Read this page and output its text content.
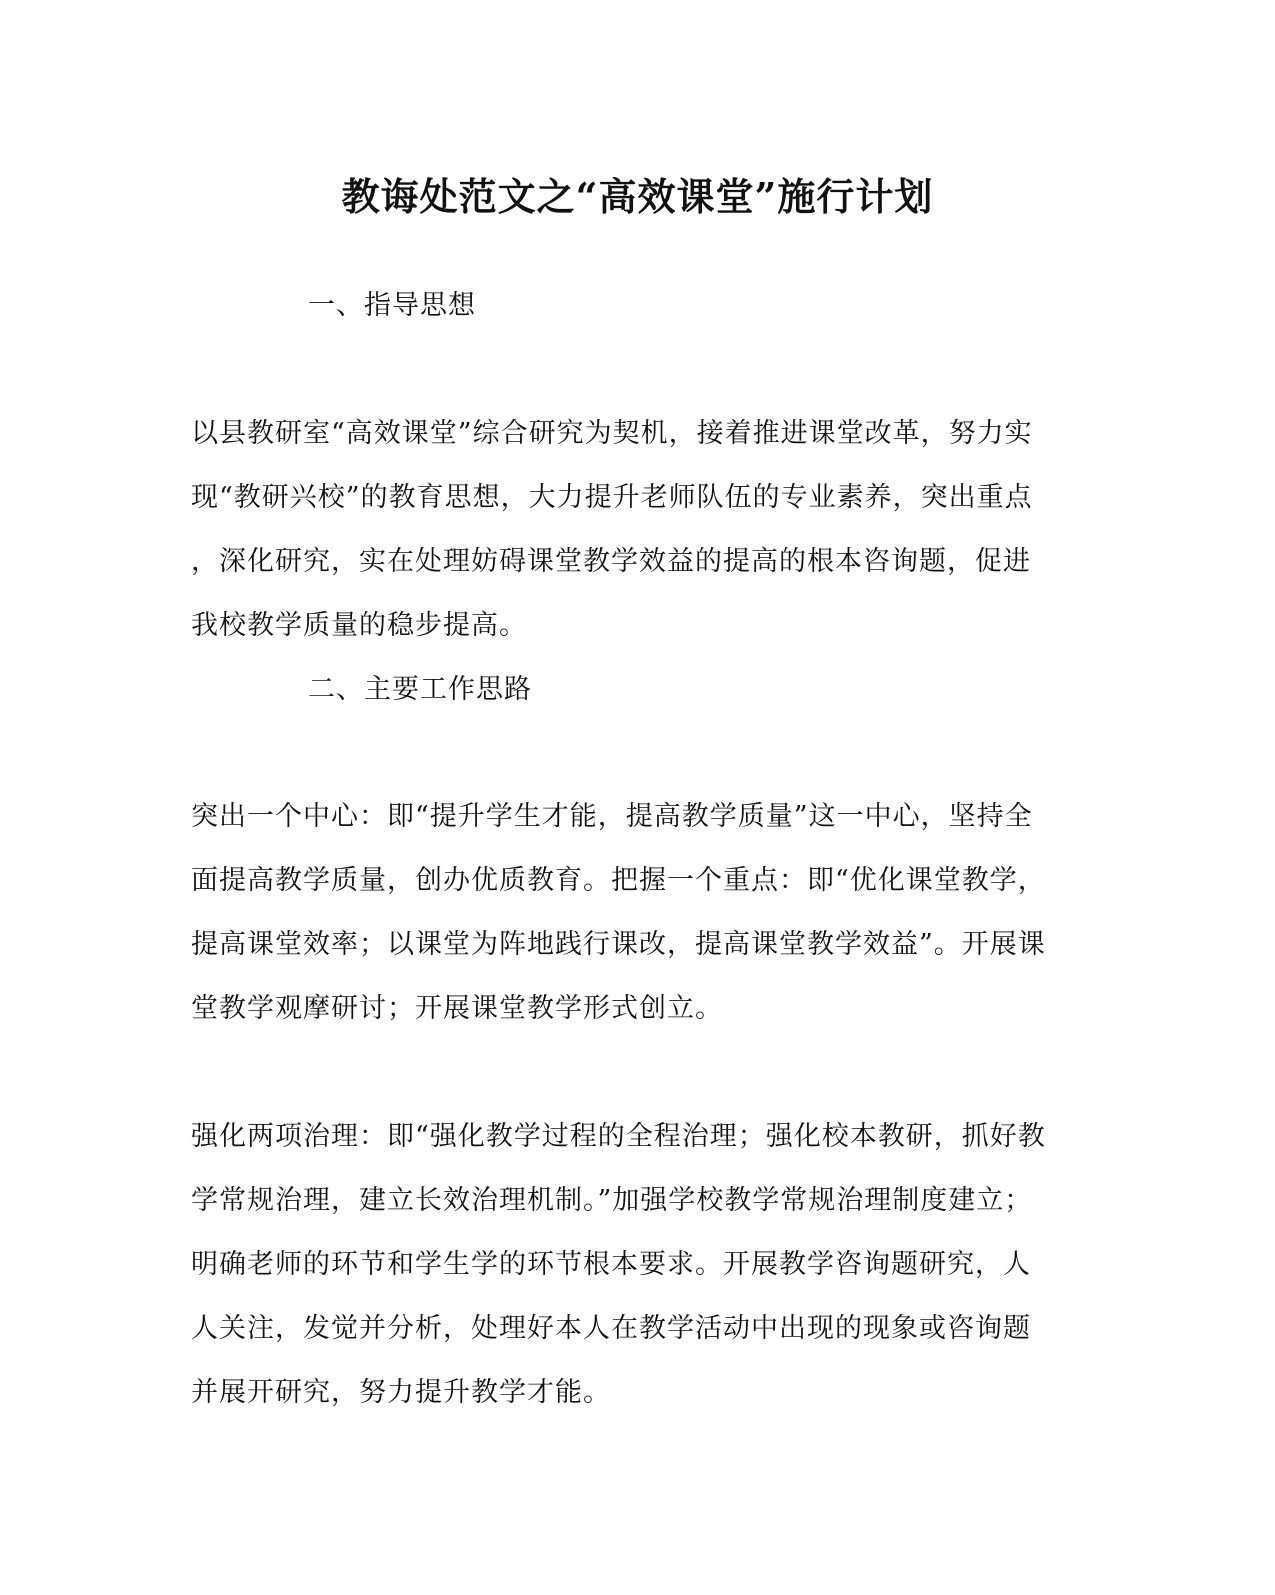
教诲处范文之“高效课堂”施行计划
一、指导思想
以县教研室“高效课堂”综合研究为契机，接着推进课堂改革，努力实
现“教研兴校”的教育思想，大力提升老师队伍的专业素养，突出重点
，深化研究，实在处理妨碍课堂教学效益的提高的根本咨询题，促进
我校教学质量的稳步提高。
二、主要工作思路
突出一个中心：即“提升学生才能，提高教学质量”这一中心，坚持全
面提高教学质量，创办优质教育。把握一个重点：即“优化课堂教学，
提高课堂效率；以课堂为阵地践行课改，提高课堂教学效益”。开展课
堂教学观摩研讨；开展课堂教学形式创立。
强化两项治理：即“强化教学过程的全程治理；强化校本教研，抓好教
学常规治理，建立长效治理机制。”加强学校教学常规治理制度建立；
明确老师的环节和学生学的环节根本要求。开展教学咨询题研究，人
人关注，发觉并分析，处理好本人在教学活动中出现的现象或咨询题
并展开研究，努力提升教学才能。
